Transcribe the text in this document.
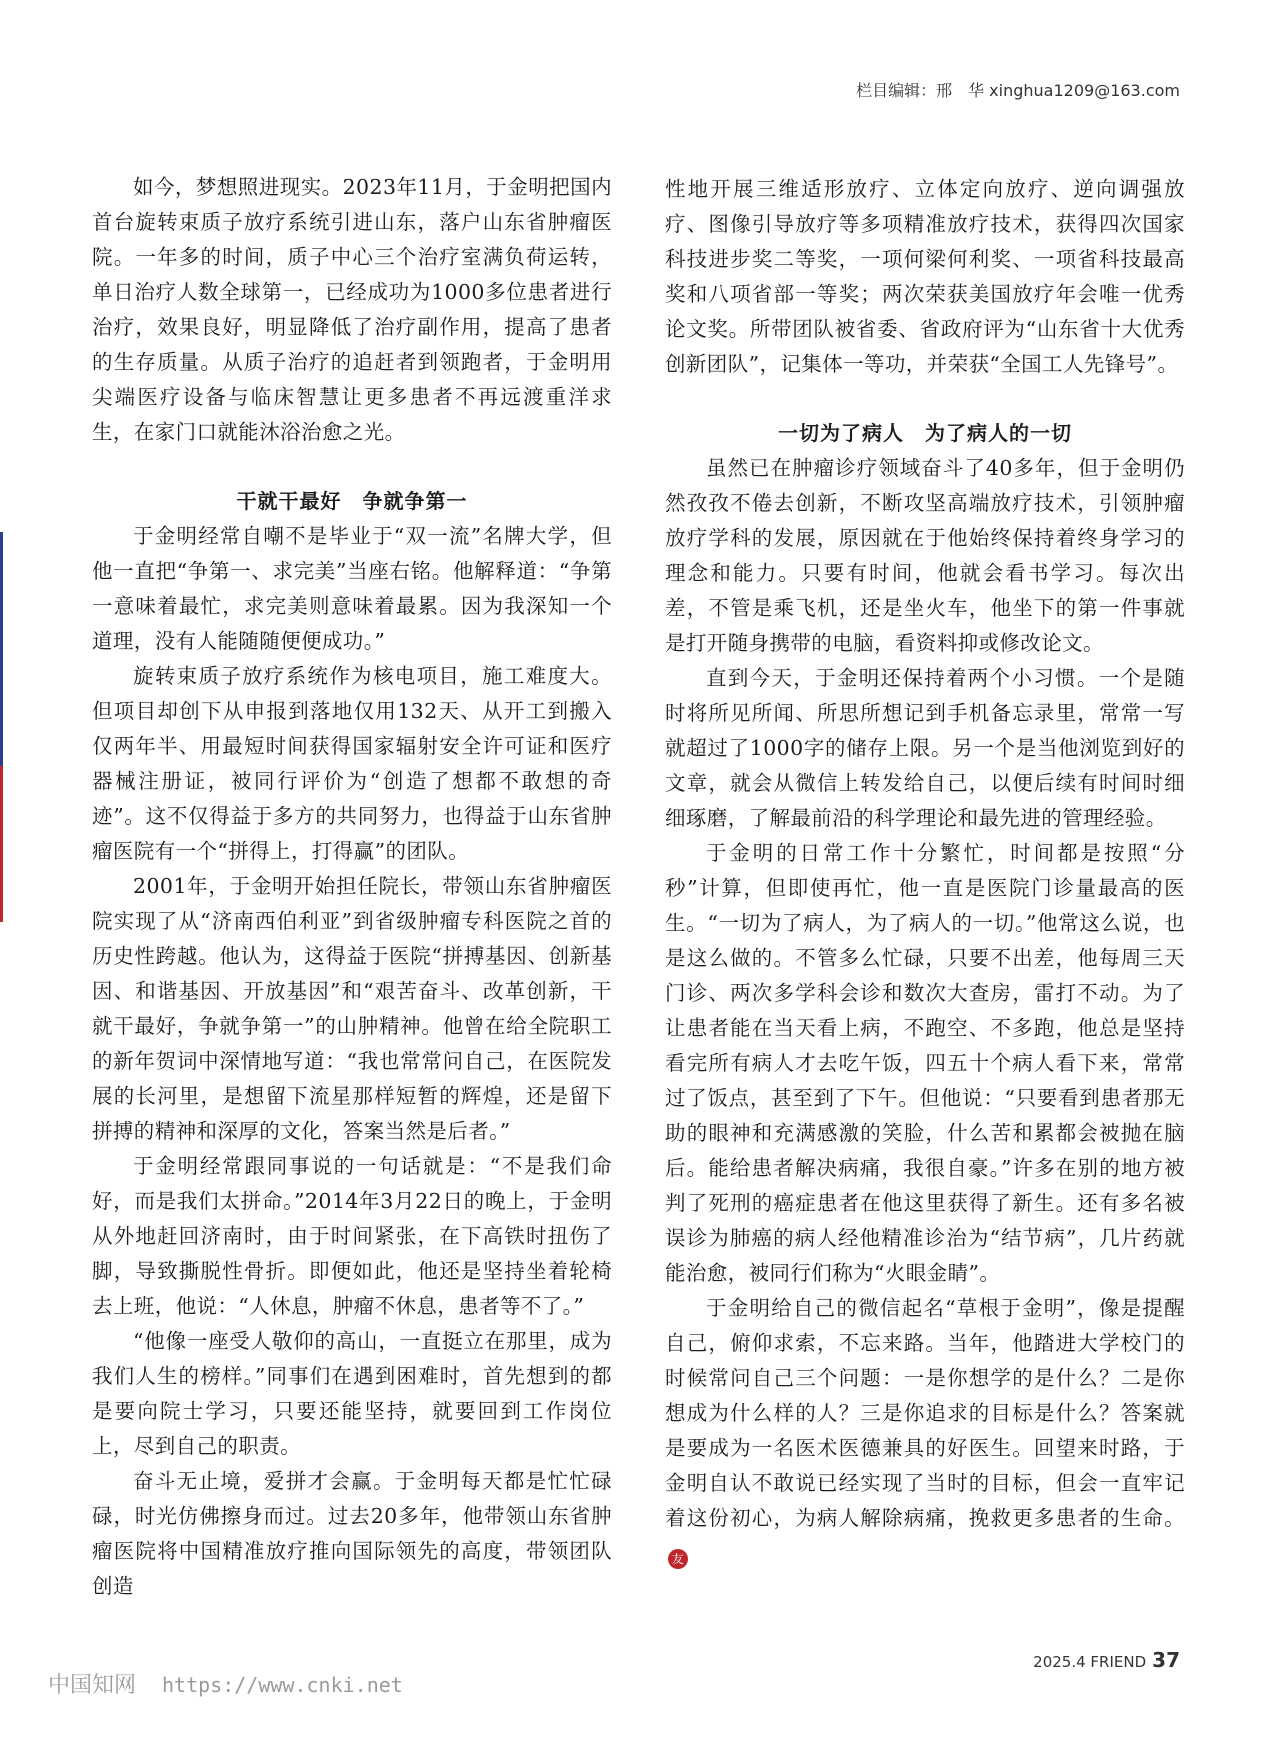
栏目编辑：邢　华 xinghua1209@163.com

如今，梦想照进现实。2023年11月，于金明把国内首台旋转束质子放疗系统引进山东，落户山东省肿瘤医院。一年多的时间，质子中心三个治疗室满负荷运转，单日治疗人数全球第一，已经成功为1000多位患者进行治疗，效果良好，明显降低了治疗副作用，提高了患者的生存质量。从质子治疗的追赶者到领跑者，于金明用尖端医疗设备与临床智慧让更多患者不再远渡重洋求生，在家门口就能沐浴治愈之光。

干就干最好　争就争第一

于金明经常自嘲不是毕业于“双一流”名牌大学，但他一直把“争第一、求完美”当座右铭。他解释道：“争第一意味着最忙，求完美则意味着最累。因为我深知一个道理，没有人能随随便便成功。”

旋转束质子放疗系统作为核电项目，施工难度大。但项目却创下从申报到落地仅用132天、从开工到搬入仅两年半、用最短时间获得国家辐射安全许可证和医疗器械注册证，被同行评价为“创造了想都不敢想的奇迹”。这不仅得益于多方的共同努力，也得益于山东省肿瘤医院有一个“拼得上，打得赢”的团队。

2001年，于金明开始担任院长，带领山东省肿瘤医院实现了从“济南西伯利亚”到省级肿瘤专科医院之首的历史性跨越。他认为，这得益于医院“拼搏基因、创新基因、和谐基因、开放基因”和“艰苦奋斗、改革创新，干就干最好，争就争第一”的山肿精神。他曾在给全院职工的新年贺词中深情地写道：“我也常常问自己，在医院发展的长河里，是想留下流星那样短暂的辉煌，还是留下拼搏的精神和深厚的文化，答案当然是后者。”

于金明经常跟同事说的一句话就是：“不是我们命好，而是我们太拼命。”2014年3月22日的晚上，于金明从外地赶回济南时，由于时间紧张，在下高铁时扭伤了脚，导致撕脱性骨折。即便如此，他还是坚持坐着轮椅去上班，他说：“人休息，肿瘤不休息，患者等不了。”

“他像一座受人敬仰的高山，一直挺立在那里，成为我们人生的榜样。”同事们在遇到困难时，首先想到的都是要向院士学习，只要还能坚持，就要回到工作岗位上，尽到自己的职责。

奋斗无止境，爱拼才会赢。于金明每天都是忙忙碌碌，时光仿佛擦身而过。过去20多年，他带领山东省肿瘤医院将中国精准放疗推向国际领先的高度，带领团队创造

性地开展三维适形放疗、立体定向放疗、逆向调强放疗、图像引导放疗等多项精准放疗技术，获得四次国家科技进步奖二等奖，一项何梁何利奖、一项省科技最高奖和八项省部一等奖；两次荣获美国放疗年会唯一优秀论文奖。所带团队被省委、省政府评为“山东省十大优秀创新团队”，记集体一等功，并荣获“全国工人先锋号”。

一切为了病人　为了病人的一切

虽然已在肿瘤诊疗领域奋斗了40多年，但于金明仍然孜孜不倦去创新，不断攻坚高端放疗技术，引领肿瘤放疗学科的发展，原因就在于他始终保持着终身学习的理念和能力。只要有时间，他就会看书学习。每次出差，不管是乘飞机，还是坐火车，他坐下的第一件事就是打开随身携带的电脑，看资料抑或修改论文。

直到今天，于金明还保持着两个小习惯。一个是随时将所见所闻、所思所想记到手机备忘录里，常常一写就超过了1000字的储存上限。另一个是当他浏览到好的文章，就会从微信上转发给自己，以便后续有时间时细细琢磨，了解最前沿的科学理论和最先进的管理经验。

于金明的日常工作十分繁忙，时间都是按照“分秒”计算，但即使再忙，他一直是医院门诊量最高的医生。“一切为了病人，为了病人的一切。”他常这么说，也是这么做的。不管多么忙碌，只要不出差，他每周三天门诊、两次多学科会诊和数次大查房，雷打不动。为了让患者能在当天看上病，不跑空、不多跑，他总是坚持看完所有病人才去吃午饭，四五十个病人看下来，常常过了饭点，甚至到了下午。但他说：“只要看到患者那无助的眼神和充满感激的笑脸，什么苦和累都会被抛在脑后。能给患者解决病痛，我很自豪。”许多在别的地方被判了死刑的癌症患者在他这里获得了新生。还有多名被误诊为肺癌的病人经他精准诊治为“结节病”，几片药就能治愈，被同行们称为“火眼金睛”。

于金明给自己的微信起名“草根于金明”，像是提醒自己，俯仰求索，不忘来路。当年，他踏进大学校门的时候常问自己三个问题：一是你想学的是什么？二是你想成为什么样的人？三是你追求的目标是什么？答案就是要成为一名医术医德兼具的好医生。回望来时路，于金明自认不敢说已经实现了当时的目标，但会一直牢记着这份初心，为病人解除病痛，挽救更多患者的生命。友

2025.4 FRIEND 37
中国知网 https://www.cnki.net
